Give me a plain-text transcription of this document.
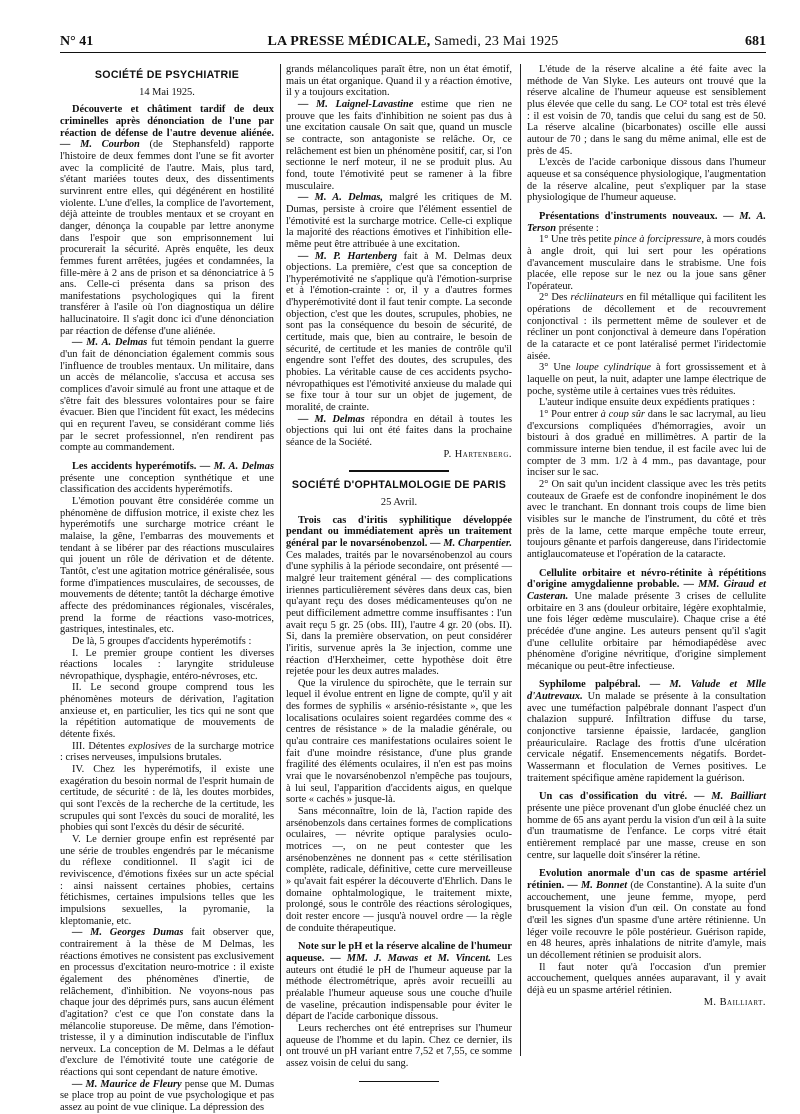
N° 41	LA PRESSE MÉDICALE, Samedi, 23 Mai 1925	681
SOCIÉTÉ DE PSYCHIATRIE
14 Mai 1925.

Découverte et châtiment tardif de deux criminelles après dénonciation de l'une par réaction de défense de l'autre devenue aliénée. — M. Courbon (de Stephansfeld) rapporte l'histoire de deux femmes dont l'une se fit avorter avec la complicité de l'autre. Mais, plus tard, s'étant mariées toutes deux, des dissentiments survinrent entre elles, qui dégénérent en hostilité violente. L'une d'elles, la complice de l'avortement, déjà atteinte de troubles mentaux et se croyant en danger, dénonça la coupable par lettre anonyme dans l'espoir que son emprisonnement lui procurerait la sécurité. Après enquête, les deux femmes furent arrêtées, jugées et condamnées, la fille-mère à 2 ans de prison et sa dénonciatrice à 5 ans. Celle-ci présenta dans sa prison des manifestations psychologiques qui la firent transférer à l'asile où l'on diagnostiqua un délire hallucinatoire. Il s'agit donc ici d'une dénonciation par réaction de défense d'une aliénée.

— M. A. Delmas fut témoin pendant la guerre d'un fait de dénonciation également commis sous l'influence de troubles mentaux. Un militaire, dans un accès de mélancolie, s'accusa et accusa ses complices d'avoir simulé au front une attaque et de s'être fait des blessures volontaires pour se faire évacuer. Bien que l'incident fût exact, les médecins qui en reçurent l'aveu, se considérant comme liés par le secret professionnel, n'en rendirent pas compte au commandement.

Les accidents hyperémotifs. — M. A. Delmas présente une conception synthétique et une classification des accidents hyperémotifs.

L'émotion pouvant être considérée comme un phénomène de diffusion motrice, il existe chez les hyperémotifs une surcharge motrice créant le malaise, la gêne, l'embarras des mouvements et tendant à se libérer par des réactions musculaires qui jouent un rôle de dérivation et de détente. Tantôt, c'est une agitation motrice généralisée, sous forme d'impatiences musculaires, de secousses, de mouvements de détente; tantôt la décharge émotive affecte des prédominances régionales, viscérales, prend la forme de réactions vaso-motrices, gastriques, intestinales, etc.

De là, 5 groupes d'accidents hyperémotifs :

I. Le premier groupe contient les diverses réactions locales : laryngite striduleuse névropathique, dysphagie, entéro-névroses, etc.

II. Le second groupe comprend tous les phénomènes moteurs de dérivation, l'agitation anxieuse et, en particulier, les tics qui ne sont que la répétition automatique de mouvements de détente fixés.

III. Détentes explosives de la surcharge motrice : crises nerveuses, impulsions brutales.

IV. Chez les hyperémotifs, il existe une exagération du besoin normal de l'esprit humain de certitude, de sécurité : de là, les doutes morbides, qui sont l'excès de la recherche de la certitude, les scrupules qui sont l'excès du souci de moralité, les phobies qui sont l'excès du désir de sécurité.

V. Le dernier groupe enfin est représenté par une série de troubles engendrés par le mécanisme du réflexe conditionnel. Il s'agit ici de reviviscence, d'émotions fixées sur un acte spécial : ainsi naissent certaines phobies, certains fétichismes, certaines impulsions telles que les impulsions sexuelles, la pyromanie, la kleptomanie, etc.

— M. Georges Dumas fait observer que, contrairement à la thèse de M Delmas, les réactions émotives ne consistent pas exclusivement en processus d'excitation neuro-motrice : il existe également des phénomènes d'inertie, de relâchement, d'inhibition. Ne voyons-nous pas chaque jour des déprimés purs, sans aucun élément d'agitation? c'est ce que l'on constate dans la mélancolie stuporeuse. De même, dans l'émotion-tristesse, il y a diminution indiscutable de l'influx nerveux. La conception de M. Delmas a le défaut d'exclure de l'émotivité toute une catégorie de réactions qui sont cependant de nature émotive.

— M. Maurice de Fleury pense que M. Dumas se place trop au point de vue psychologique et pas assez au point de vue clinique. La dépression des

grands mélancoliques paraît être, non un état émotif, mais un état organique. Quand il y a réaction émotive, il y a toujours excitation.

— M. Laignel-Lavastine estime que rien ne prouve que les faits d'inhibition ne soient pas dus à une excitation causale On sait que, quand un muscle se contracte, son antagoniste se relâche. Or, ce relâchement est bien un phénomène positif, car, si l'on sectionne le nerf moteur, il ne se produit plus. Au fond, toute l'émotivité peut se ramener à la fibre musculaire.

— M. A. Delmas, malgré les critiques de M. Dumas, persiste à croire que l'élément essentiel de l'émotivité est la surcharge motrice. Celle-ci explique la majorité des réactions émotives et l'inhibition elle-même peut être attribuée à une excitation.

— M. P. Hartenberg fait à M. Delmas deux objections. La première, c'est que sa conception de l'hyperémotivité ne s'applique qu'à l'émotion-surprise et à l'émotion-crainte : or, il y a d'autres formes d'hyperémotivité dont il faut tenir compte. La seconde objection, c'est que les doutes, scrupules, phobies, ne sont pas la conséquence du besoin de sécurité, de certitude, mais que, bien au contraire, le besoin de sécurité, de certitude et les manies de contrôle qu'il engendre sont l'effet des doutes, des scrupules, des phobies. La véritable cause de ces accidents psycho-névropathiques est l'émotivité anxieuse du malade qui se fixe tour à tour sur un objet de jugement, de moralité, de crainte.

— M. Delmas répondra en détail à toutes les objections qui lui ont été faites dans la prochaine séance de la Société.

P. Hartenberg.

SOCIÉTÉ D'OPHTALMOLOGIE DE PARIS
25 Avril.

Trois cas d'iritis syphilitique développée pendant ou immédiatement après un traitement général par le novarsénobenzol. — M. Charpentier. Ces malades, traités par le novarsénobenzol au cours d'une syphilis à la période secondaire, ont présenté — malgré leur traitement général — des complications iriennes particulièrement sévères dans deux cas, bien qu'ayant reçu des doses médicamenteuses qu'on ne peut difficilement admettre comme insuffisantes : l'un avait reçu 5 gr. 25 (obs. III), l'autre 4 gr. 20 (obs. II). Si, dans la première observation, on peut considérer l'iritis, survenue après la 3e injection, comme une réaction d'Herxheimer, cette hypothèse doit être rejetée pour les deux autres malades.

Que la virulence du spirochète, que le terrain sur lequel il évolue entrent en ligne de compte, qu'il y ait des formes de syphilis « arsénio-résistante », que les localisations oculaires soient regardées comme des « centres de résistance » de la maladie générale, ou qu'au contraire ces manifestations oculaires soient le fait d'une moindre résistance, d'une plus grande fragilité des éléments oculaires, il n'en est pas moins vrai que le novarsénobenzol n'empêche pas toujours, à lui seul, l'apparition d'accidents aigus, en quelque sorte « cachés » jusque-là.

Sans méconnaître, loin de là, l'action rapide des arsénobenzols dans certaines formes de complications oculaires, — névrite optique paralysies oculo-motrices —, on ne peut contester que les arsénobenzènes ne donnent pas « cette stérilisation complète, radicale, définitive, cette cure merveilleuse » qu'avait fait espérer la découverte d'Ehrlich. Dans le domaine ophtalmologique, le traitement mixte, prolongé, sous le contrôle des réactions sérologiques, doit rester encore — jusqu'à nouvel ordre — la règle de conduite thérapeutique.

Note sur le pH et la réserve alcaline de l'humeur aqueuse. — MM. J. Mawas et M. Vincent. Les auteurs ont étudié le pH de l'humeur aqueuse par la méthode électrométrique, après avoir recueilli au préalable l'humeur aqueuse sous une couche d'huile de vaseline, précaution indispensable pour éviter le départ de l'acide carbonique dissous.

Leurs recherches ont été entreprises sur l'humeur aqueuse de l'homme et du lapin. Chez ce dernier, ils ont trouvé un pH variant entre 7,52 et 7,55, ce somme assez voisin de celui du sang.

L'étude de la réserve alcaline a été faite avec la méthode de Van Slyke. Les auteurs ont trouvé que la réserve alcaline de l'humeur aqueuse est sensiblement plus élevée que celle du sang. Le CO² total est très élevé : il est voisin de 70, tandis que celui du sang est de 50. La réserve alcaline (bicarbonates) oscille elle aussi autour de 70 ; dans le sang du même animal, elle est de près de 45.

L'excès de l'acide carbonique dissous dans l'humeur aqueuse et sa conséquence physiologique, l'augmentation de la réserve alcaline, peut s'expliquer par la stase physiologique de l'humeur aqueuse.

Présentations d'instruments nouveaux. — M. A. Terson présente :

1° Une très petite pince à forcipressure, à mors coudés à angle droit, qui lui sert pour les opérations d'avancement musculaire dans le strabisme. Une fois placée, elle repose sur le nez ou la joue sans gêner l'opérateur.

2° Des récliinateurs en fil métallique qui facilitent les opérations de décollement et de recouvrement conjonctival : ils permettent même de soulever et de récliner un pont conjonctival à demeure dans l'opération de la cataracte et ce pont latéralisé permet l'iridectomie aisée.

3° Une loupe cylindrique à fort grossissement et à laquelle on peut, la nuit, adapter une lampe électrique de poche, système utile à certaines vues très réduites.

L'auteur indique ensuite deux expédients pratiques :

1° Pour entrer à coup sûr dans le sac lacrymal, au lieu d'excursions compliquées d'hémorragies, avoir un bistouri à dos gradué en millimètres. A partir de la commissure interne bien tendue, il est facile avec lui de compter de 3 mm. 1/2 à 4 mm., pas davantage, pour inciser sur le sac.

2° On sait qu'un incident classique avec les très petits couteaux de Graefe est de confondre inopinément le dos avec le tranchant. En donnant trois coups de lime bien visibles sur le manche de l'instrument, du côté et très près de la lame, cette marque empêche toute erreur, toujours gênante et parfois dangereuse, dans l'iridectomie antiglaucomateuse et l'opération de la cataracte.

Cellulite orbitaire et névro-rétinite à répétitions d'origine amygdalienne probable. — MM. Giraud et Casteran. Une malade présente 3 crises de cellulite orbitaire en 3 ans (douleur orbitaire, légère exophtalmie, une fois léger œdème musculaire). Chaque crise a été précédée d'une angine. Les auteurs pensent qu'il s'agit d'une cellulite orbitaire par hémodiapédèse avec phénomène d'origine névritique, d'origine simplement mécanique ou peut-être infectieuse.

Syphilome palpébral. — M. Valude et Mlle d'Autrevaux. Un malade se présente à la consultation avec une tuméfaction palpébrale donnant l'aspect d'un chalazion suppuré. Infiltration diffuse du tarse, conjonctive tarsienne épaissie, lardacée, ganglion préauriculaire. Raclage des frottis d'une ulcération cervicale négatif. Ensemencements négatifs. Bordet-Wassermann et floculation de Vernes positives. Le traitement spécifique amène rapidement la guérison.

Un cas d'ossification du vitré. — M. Bailliart présente une pièce provenant d'un globe énucléé chez un homme de 65 ans ayant perdu la vision d'un œil à la suite d'un traumatisme de l'enfance. Le corps vitré était entièrement remplacé par une masse, creuse en son centre, sur laquelle doit s'insérer la rétine.

Evolution anormale d'un cas de spasme artériel rétinien. — M. Bonnet (de Constantine). A la suite d'un accouchement, une jeune femme, myope, perd brusquement la vision d'un œil. On constate au fond d'œil les signes d'un spasme d'une artère rétinienne. Un léger voile recouvre le pôle postérieur. Guérison rapide, en 48 heures, après inhalations de nitrite d'amyle, mais un décollement rétinien se produisit alors.

Il faut noter qu'à l'occasion d'un premier accouchement, quelques années auparavant, il y avait déjà eu un spasme artériel rétinien.

M. Bailliart.
